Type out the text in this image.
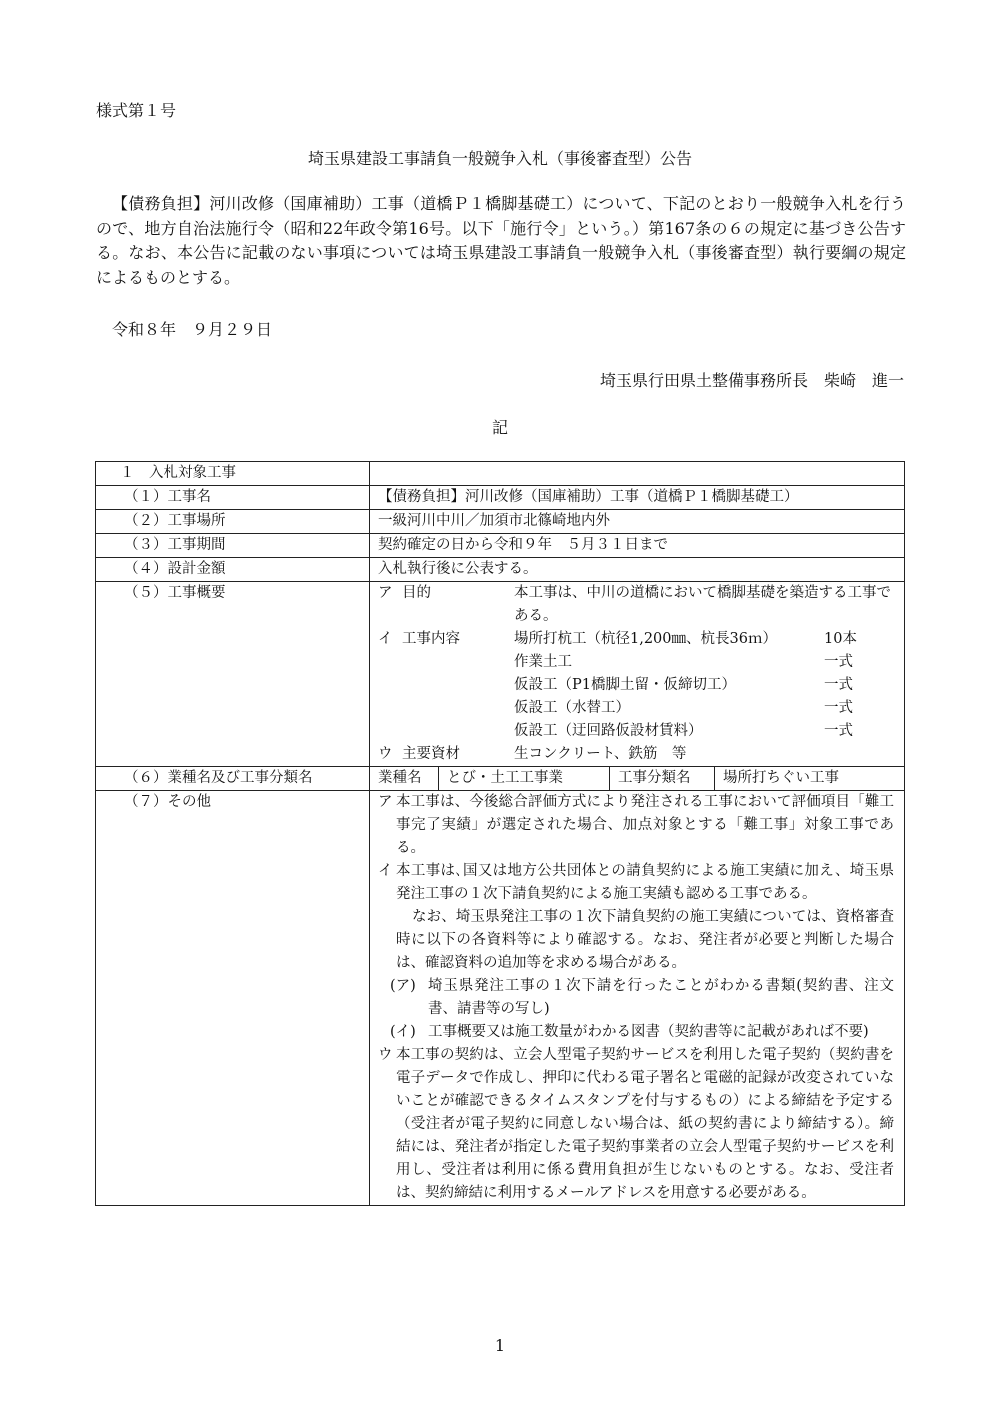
様式第１号

埼玉県建設工事請負一般競争入札（事後審査型）公告

【債務負担】河川改修（国庫補助）工事（道橋Ｐ１橋脚基礎工）について、下記のとおり一般競争入札を行うので、地方自治法施行令（昭和22年政令第16号。以下「施行令」という。）第167条の６の規定に基づき公告する。なお、本公告に記載のない事項については埼玉県建設工事請負一般競争入札（事後審査型）執行要綱の規定によるものとする。

令和８年　９月２９日

埼玉県行田県土整備事務所長　柴崎　進一

記

１　入札対象工事	
（１）工事名	【債務負担】河川改修（国庫補助）工事（道橋Ｐ１橋脚基礎工）
（２）工事場所	一級河川中川／加須市北篠崎地内外
（３）工事期間	契約確定の日から令和９年　５月３１日まで
（４）設計金額	入札執行後に公表する。
（５）工事概要	ア 目的	本工事は、中川の道橋において橋脚基礎を築造する工事である。
イ 工事内容	場所打杭工（杭径1,200㎜、杭長36ｍ）	10本
作業土工	一式
仮設工（P1橋脚土留・仮締切工）	一式
仮設工（水替工）	一式
仮設工（迂回路仮設材賃料）	一式
ウ 主要資材	生コンクリート、鉄筋　等

（６）業種名及び工事分類名		業種名	とび・土工工事業	工事分類名	場所打ちぐい工事

（７）その他	ア 本工事は、今後総合評価方式により発注される工事において評価項目「難工事完了実績」が選定された場合、加点対象とする「難工事」対象工事である。
イ 本工事は､国又は地方公共団体との請負契約による施工実績に加え、埼玉県発注工事の１次下請負契約による施工実績も認める工事である。
なお、埼玉県発注工事の１次下請負契約の施工実績については、資格審査時に以下の各資料等により確認する。なお、発注者が必要と判断した場合は、確認資料の追加等を求める場合がある。
(ア) 埼玉県発注工事の１次下請を行ったことがわかる書類(契約書、注文書、請書等の写し)
(イ) 工事概要又は施工数量がわかる図書（契約書等に記載があれば不要)
ウ 本工事の契約は、立会人型電子契約サービスを利用した電子契約（契約書を電子データで作成し、押印に代わる電子署名と電磁的記録が改変されていないことが確認できるタイムスタンプを付与するもの）による締結を予定する（受注者が電子契約に同意しない場合は、紙の契約書により締結する）。締結には、発注者が指定した電子契約事業者の立会人型電子契約サービスを利用し、受注者は利用に係る費用負担が生じないものとする。なお、受注者は、契約締結に利用するメールアドレスを用意する必要がある。

1
